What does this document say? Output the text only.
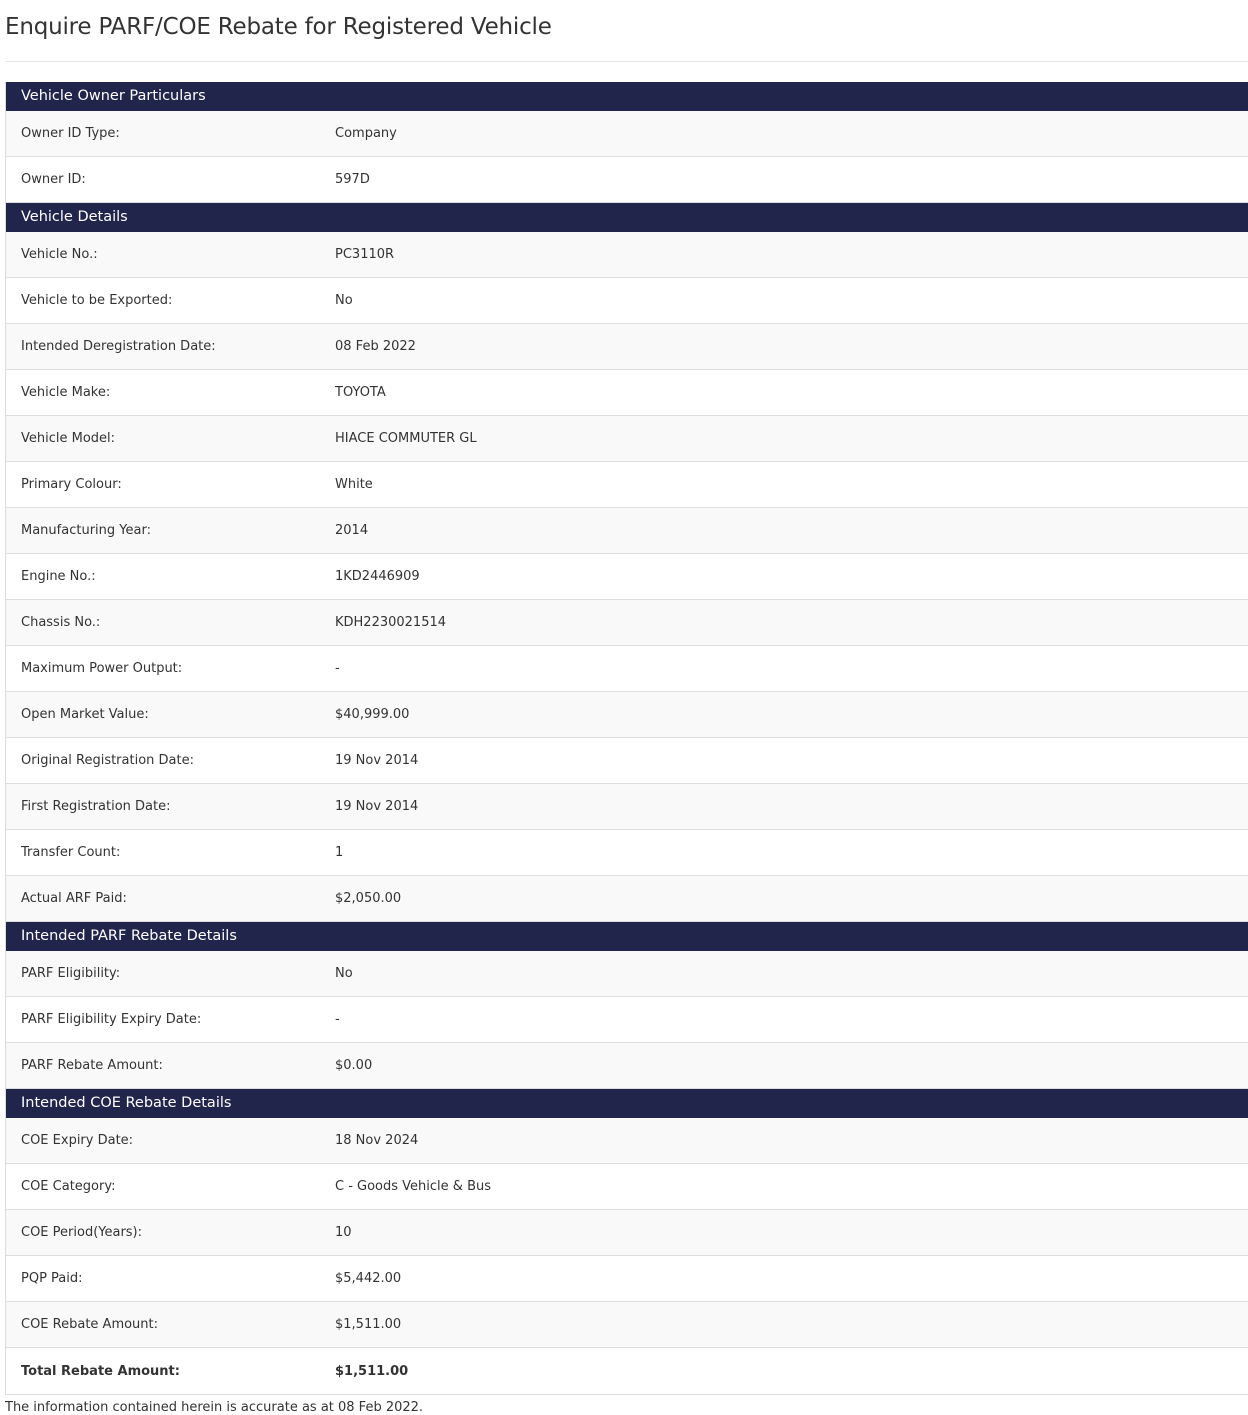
Enquire PARF/COE Rebate for Registered Vehicle
Vehicle Owner Particulars
Owner ID Type:	Company
Owner ID:	597D
Vehicle Details
Vehicle No.:	PC3110R
Vehicle to be Exported:	No
Intended Deregistration Date:	08 Feb 2022
Vehicle Make:	TOYOTA
Vehicle Model:	HIACE COMMUTER GL
Primary Colour:	White
Manufacturing Year:	2014
Engine No.:	1KD2446909
Chassis No.:	KDH2230021514
Maximum Power Output:	-
Open Market Value:	$40,999.00
Original Registration Date:	19 Nov 2014
First Registration Date:	19 Nov 2014
Transfer Count:	1
Actual ARF Paid:	$2,050.00
Intended PARF Rebate Details
PARF Eligibility:	No
PARF Eligibility Expiry Date:	-
PARF Rebate Amount:	$0.00
Intended COE Rebate Details
COE Expiry Date:	18 Nov 2024
COE Category:	C - Goods Vehicle & Bus
COE Period(Years):	10
PQP Paid:	$5,442.00
COE Rebate Amount:	$1,511.00
Total Rebate Amount:	$1,511.00
The information contained herein is accurate as at 08 Feb 2022.
